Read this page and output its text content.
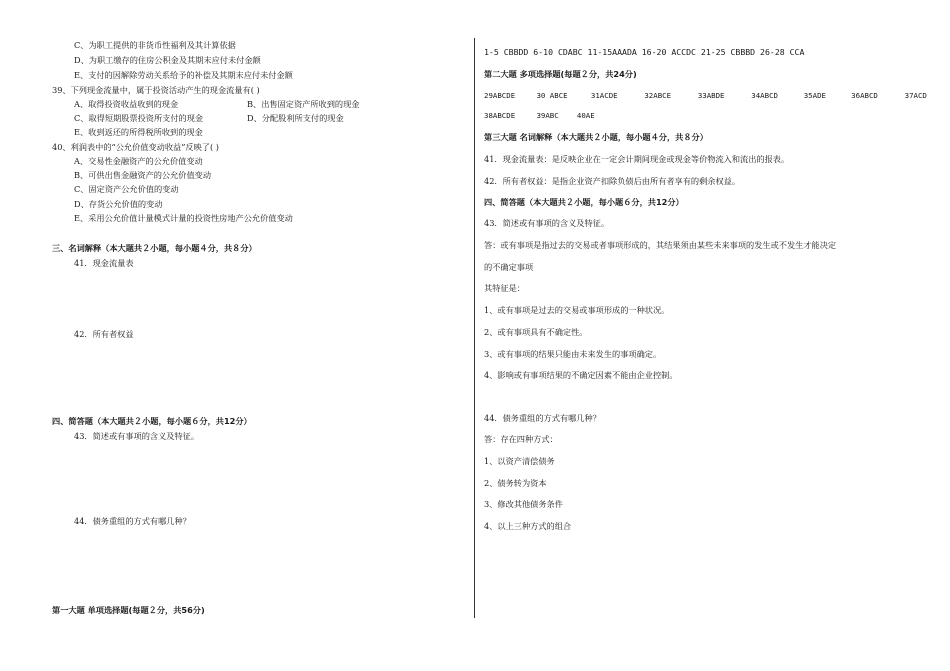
C、为职工提供的非货币性福利及其计算依据
D、为职工缴存的住房公积金及其期末应付未付金额
E、支付的因解除劳动关系给予的补偿及其期末应付未付金额
39、下列现金流量中，属于投资活动产生的现金流量有( )
A、取得投资收益收到的现金	B、出售固定资产所收到的现金
C、取得短期股票投资所支付的现金	D、分配股利所支付的现金
E、收到返还的所得税所收到的现金
40、利润表中的“公允价值变动收益”反映了( )
A、交易性金融资产的公允价值变动
B、可供出售金融资产的公允价值变动
C、固定资产公允价值的变动
D、存货公允价值的变动
E、采用公允价值计量模式计量的投资性房地产公允价值变动
三、名词解释（本大题共２小题，每小题４分，共８分）
41．现金流量表
42．所有者权益
四、简答题（本大题共２小题，每小题６分，共12分）
43．简述或有事项的含义及特征。
44．债务重组的方式有哪几种？
第一大题 单项选择题(每题２分，共56分)
1-5 CBBDD 6-10 CDABC 11-15AAADA 16-20 ACCDC 21-25 CBBBD 26-28 CCA
第二大题 多项选择题(每题２分，共24分)
29ABCDE	30 ABCE	31ACDE	32ABCE	33ABDE	34ABCD	35ADE	36ABCD	37ACD
38ABCDE	39ABC 40AE
第三大题 名词解释（本大题共２小题，每小题４分，共８分）
41．现金流量表：是反映企业在一定会计期间现金或现金等价物流入和流出的报表。
42．所有者权益：是指企业资产扣除负债后由所有者享有的剩余权益。
四、简答题（本大题共２小题，每小题６分，共12分）
43．简述或有事项的含义及特征。
答：或有事项是指过去的交易或者事项形成的，其结果须由某些未来事项的发生或不发生才能决定
的不确定事项
其特征是：
1、或有事项是过去的交易或事项形成的一种状况。
2、或有事项具有不确定性。
3、或有事项的结果只能由未来发生的事项确定。
4、影响或有事项结果的不确定因素不能由企业控制。
44．债务重组的方式有哪几种？
答：存在四种方式：
1、以资产清偿债务
2、债务转为资本
3、修改其他债务条件
4、以上三种方式的组合
